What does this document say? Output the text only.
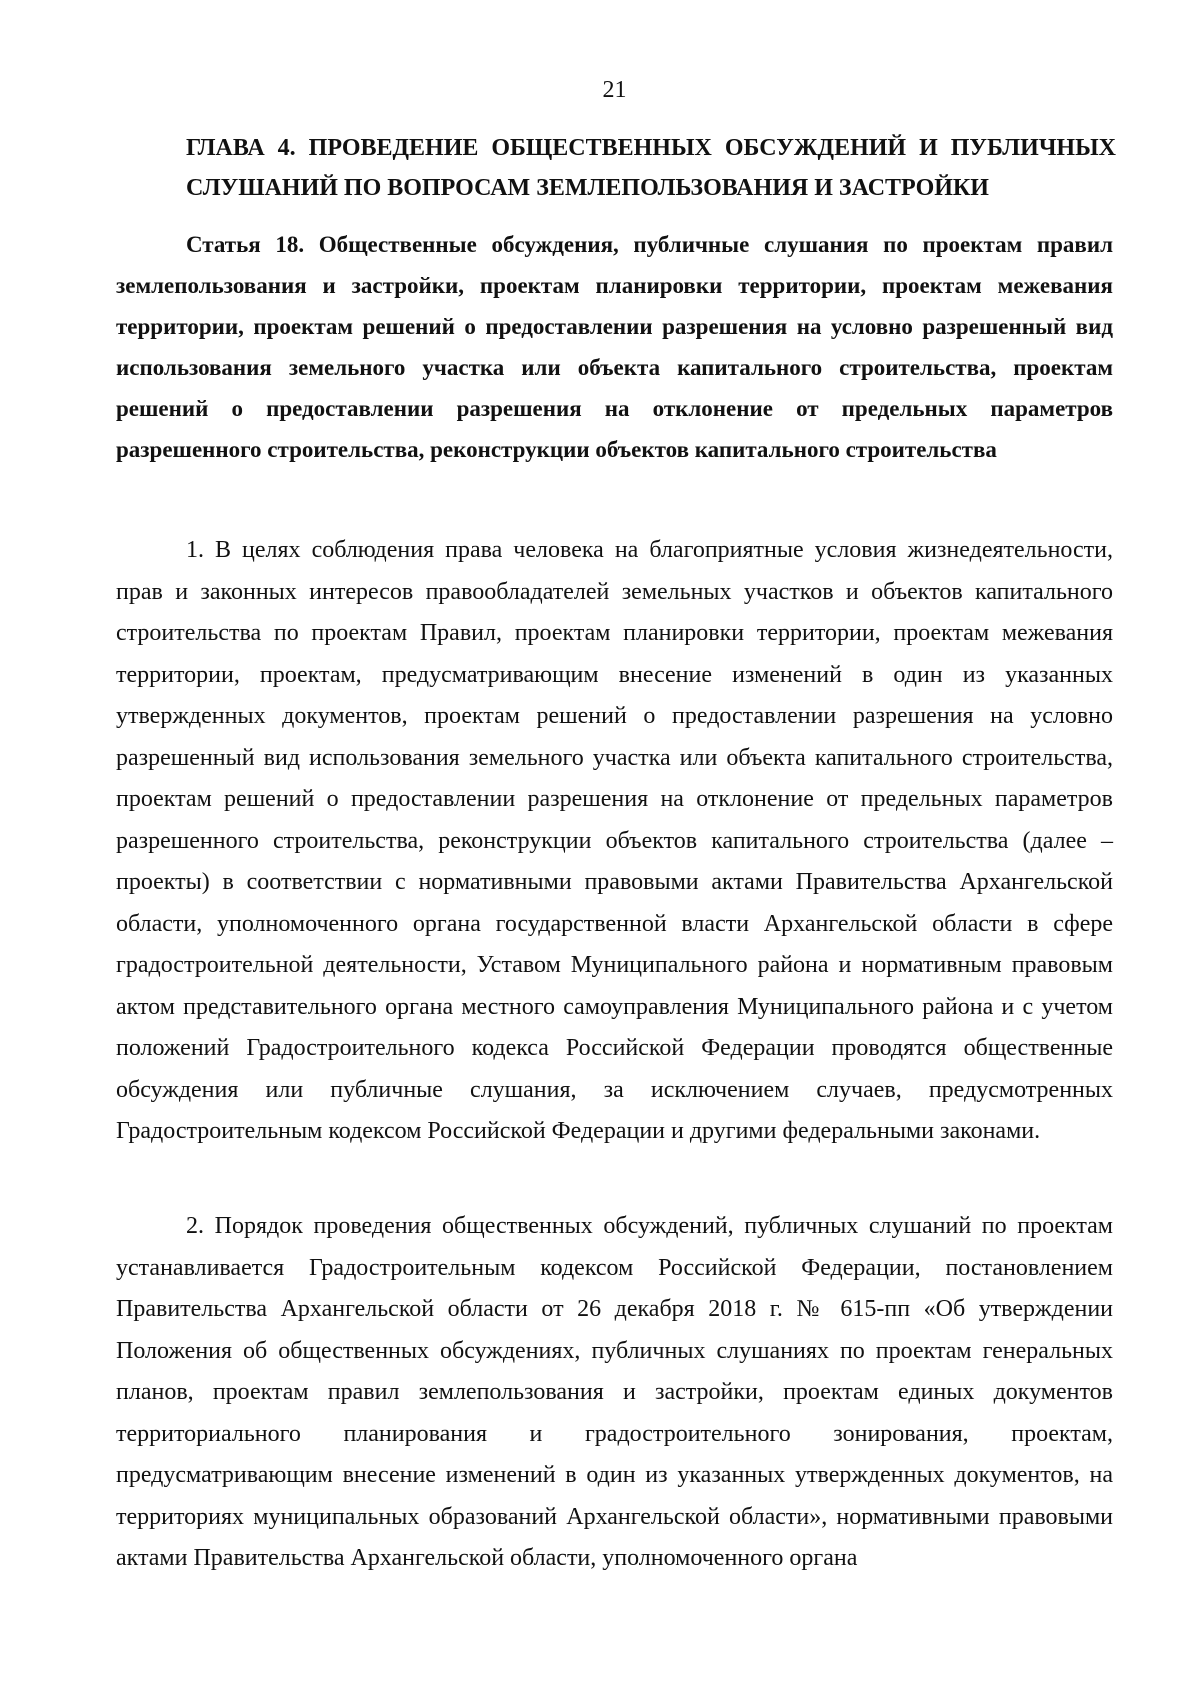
21
ГЛАВА 4. ПРОВЕДЕНИЕ ОБЩЕСТВЕННЫХ ОБСУЖДЕНИЙ И ПУБЛИЧНЫХ СЛУШАНИЙ ПО ВОПРОСАМ ЗЕМЛЕПОЛЬЗОВАНИЯ И ЗАСТРОЙКИ
Статья 18. Общественные обсуждения, публичные слушания по проектам правил землепользования и застройки, проектам планировки территории, проектам межевания территории, проектам решений о предоставлении разрешения на условно разрешенный вид использования земельного участка или объекта капитального строительства, проектам решений о предоставлении разрешения на отклонение от предельных параметров разрешенного строительства, реконструкции объектов капитального строительства
1. В целях соблюдения права человека на благоприятные условия жизнедеятельности, прав и законных интересов правообладателей земельных участков и объектов капитального строительства по проектам Правил, проектам планировки территории, проектам межевания территории, проектам, предусматривающим внесение изменений в один из указанных утвержденных документов, проектам решений о предоставлении разрешения на условно разрешенный вид использования земельного участка или объекта капитального строительства, проектам решений о предоставлении разрешения на отклонение от предельных параметров разрешенного строительства, реконструкции объектов капитального строительства (далее – проекты) в соответствии с нормативными правовыми актами Правительства Архангельской области, уполномоченного органа государственной власти Архангельской области в сфере градостроительной деятельности, Уставом Муниципального района и нормативным правовым актом представительного органа местного самоуправления Муниципального района и с учетом положений Градостроительного кодекса Российской Федерации проводятся общественные обсуждения или публичные слушания, за исключением случаев, предусмотренных Градостроительным кодексом Российской Федерации и другими федеральными законами.
2. Порядок проведения общественных обсуждений, публичных слушаний по проектам устанавливается Градостроительным кодексом Российской Федерации, постановлением Правительства Архангельской области от 26 декабря 2018 г. № 615-пп «Об утверждении Положения об общественных обсуждениях, публичных слушаниях по проектам генеральных планов, проектам правил землепользования и застройки, проектам единых документов территориального планирования и градостроительного зонирования, проектам, предусматривающим внесение изменений в один из указанных утвержденных документов, на территориях муниципальных образований Архангельской области», нормативными правовыми актами Правительства Архангельской области, уполномоченного органа
